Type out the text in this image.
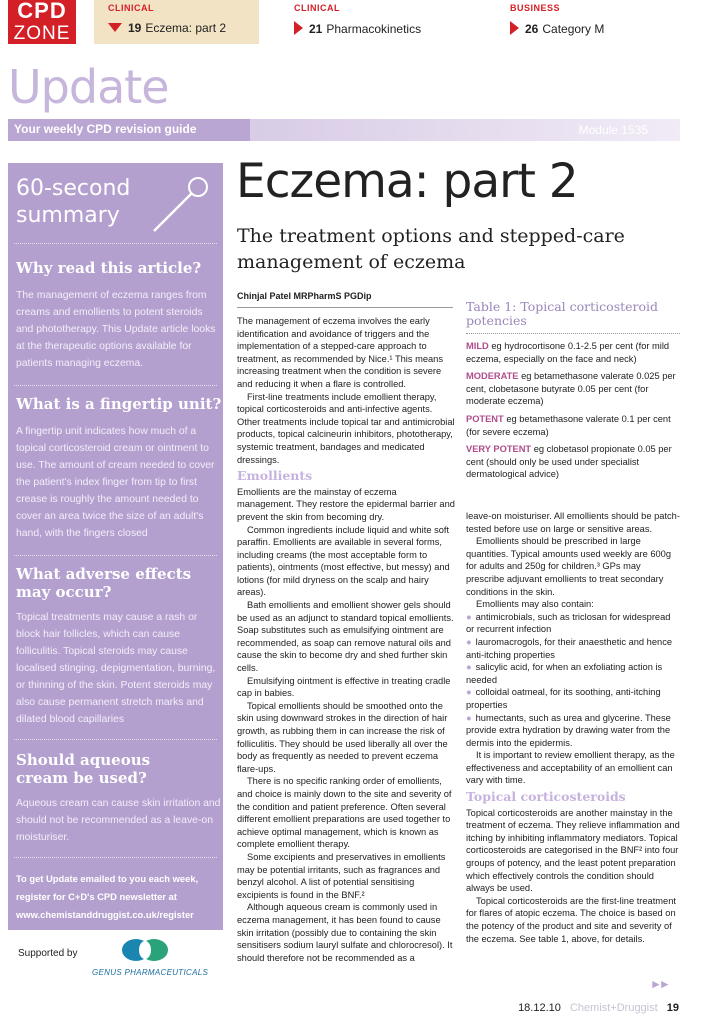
CPD
ZONE
CLINICAL
19 Eczema: part 2
CLINICAL
21 Pharmacokinetics
BUSINESS
26 Category M
Update
Your weekly CPD revision guide	Module 1535
60-second summary
Why read this article?
The management of eczema ranges from creams and emollients to potent steroids and phototherapy. This Update article looks at the therapeutic options available for patients managing eczema.
What is a fingertip unit?
A fingertip unit indicates how much of a topical corticosteroid cream or ointment to use. The amount of cream needed to cover the patient's index finger from tip to first crease is roughly the amount needed to cover an area twice the size of an adult's hand, with the fingers closed
What adverse effects may occur?
Topical treatments may cause a rash or block hair follicles, which can cause folliculitis. Topical steroids may cause localised stinging, depigmentation, burning, or thinning of the skin. Potent steroids may also cause permanent stretch marks and dilated blood capillaries
Should aqueous cream be used?
Aqueous cream can cause skin irritation and should not be recommended as a leave-on moisturiser.
To get Update emailed to you each week, register for C+D's CPD newsletter at www.chemistanddruggist.co.uk/register
Supported by
GENUS PHARMACEUTICALS
Eczema: part 2
The treatment options and stepped-care management of eczema
Chinjal Patel MRPharmS PGDip

The management of eczema involves the early identification and avoidance of triggers and the implementation of a stepped-care approach to treatment, as recommended by Nice.¹ This means increasing treatment when the condition is severe and reducing it when a flare is controlled.

First-line treatments include emollient therapy, topical corticosteroids and anti-infective agents. Other treatments include topical tar and antimicrobial products, topical calcineurin inhibitors, phototherapy, systemic treatment, bandages and medicated dressings.

Emollients

Emollients are the mainstay of eczema management. They restore the epidermal barrier and prevent the skin from becoming dry.

Common ingredients include liquid and white soft paraffin. Emollients are available in several forms, including creams (the most acceptable form to patients), ointments (most effective, but messy) and lotions (for mild dryness on the scalp and hairy areas).

Bath emollients and emollient shower gels should be used as an adjunct to standard topical emollients. Soap substitutes such as emulsifying ointment are recommended, as soap can remove natural oils and cause the skin to become dry and shed further skin cells.

Emulsifying ointment is effective in treating cradle cap in babies.

Topical emollients should be smoothed onto the skin using downward strokes in the direction of hair growth, as rubbing them in can increase the risk of folliculitis. They should be used liberally all over the body as frequently as needed to prevent eczema flare-ups.

There is no specific ranking order of emollients, and choice is mainly down to the site and severity of the condition and patient preference. Often several different emollient preparations are used together to achieve optimal management, which is known as complete emollient therapy.

Some excipients and preservatives in emollients may be potential irritants, such as fragrances and benzyl alcohol. A list of potential sensitising excipients is found in the BNF.²

Although aqueous cream is commonly used in eczema management, it has been found to cause skin irritation (possibly due to containing the skin sensitisers sodium lauryl sulfate and chlorocresol). It should therefore not be recommended as a

Table 1: Topical corticosteroid potencies
MILD eg hydrocortisone 0.1-2.5 per cent (for mild eczema, especially on the face and neck)
MODERATE eg betamethasone valerate 0.025 per cent, clobetasone butyrate 0.05 per cent (for moderate eczema)
POTENT eg betamethasone valerate 0.1 per cent (for severe eczema)
VERY POTENT eg clobetasol propionate 0.05 per cent (should only be used under specialist dermatological advice)

leave-on moisturiser. All emollients should be patch-tested before use on large or sensitive areas.

Emollients should be prescribed in large quantities. Typical amounts used weekly are 600g for adults and 250g for children.³ GPs may prescribe adjuvant emollients to treat secondary conditions in the skin.

Emollients may also contain:

● antimicrobials, such as triclosan for widespread or recurrent infection

● lauromacrogols, for their anaesthetic and hence anti-itching properties

● salicylic acid, for when an exfoliating action is needed

● colloidal oatmeal, for its soothing, anti-itching properties

● humectants, such as urea and glycerine. These provide extra hydration by drawing water from the dermis into the epidermis.

It is important to review emollient therapy, as the effectiveness and acceptability of an emollient can vary with time.

Topical corticosteroids

Topical corticosteroids are another mainstay in the treatment of eczema. They relieve inflammation and itching by inhibiting inflammatory mediators. Topical corticosteroids are categorised in the BNF² into four groups of potency, and the least potent preparation which effectively controls the condition should always be used.

Topical corticosteroids are the first-line treatment for flares of atopic eczema. The choice is based on the potency of the product and site and severity of the eczema. See table 1, above, for details.

►►
18.12.10 Chemist+Druggist 19
